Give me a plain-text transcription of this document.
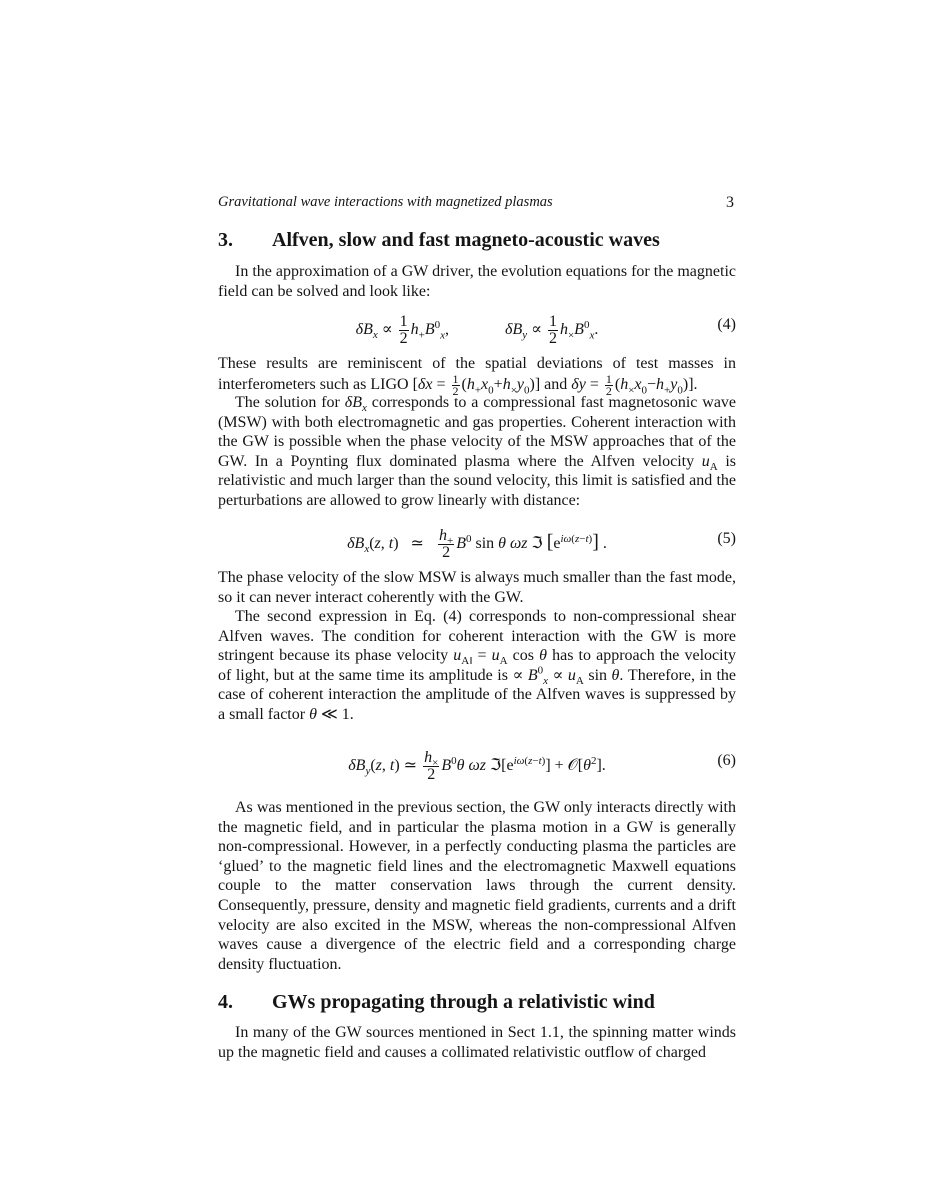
Gravitational wave interactions with magnetized plasmas	3
3. Alfven, slow and fast magneto-acoustic waves
In the approximation of a GW driver, the evolution equations for the magnetic field can be solved and look like:
$\delta B_x \propto \frac{1}{2} h_+B^0_x$,	$\delta B_y \propto \frac{1}{2} h_\times B^0_x$.	(4)
These results are reminiscent of the spatial deviations of test masses in interferometers such as LIGO $[\delta x = \frac{1}{2} (h_+x_0+h_\times y_0)]$ and $\delta y = \frac{1}{2} (h_\times x_0-h_+y_0)$].
The solution for $\delta B_x$ corresponds to a compressional fast magnetosonic wave (MSW) with both electromagnetic and gas properties. Coherent interaction with the GW is possible when the phase velocity of the MSW approaches that of the GW. In a Poynting flux dominated plasma where the Alfven velocity $u_A$ is relativistic and much larger than the sound velocity, this limit is satisfied and the perturbations are allowed to grow linearly with distance:
$\delta B_x(z$, t)   ≃ $\frac{h_+}{2} B^0$ sin θ ωz ℑ $[e^{i\omega(z-t)}]$ .	(5)
The phase velocity of the slow MSW is always much smaller than the fast mode, so it can never interact coherently with the GW.
The second expression in Eq. (4) corresponds to non-compressional shear Alfven waves. The condition for coherent interaction with the GW is more stringent because its phase velocity $u_{A‖} = u_A$ cos θ has to approach the velocity of light, but at the same time its amplitude is ∝ $B^0_x \propto u_A$ sin θ. Therefore, in the case of coherent interaction the amplitude of the Alfven waves is suppressed by a small factor θ ≪ 1.
$\delta B_y(z$, t) ≃ $\frac{h_\times}{2} B^0\theta$ ωz $ℑ[e^{i\omega(z-t)}]$ + $𝒪[\theta^2]$.	(6)
As was mentioned in the previous section, the GW only interacts directly with the magnetic field, and in particular the plasma motion in a GW is generally non-compressional. However, in a perfectly conducting plasma the particles are ‘glued’ to the magnetic field lines and the electromagnetic Maxwell equations couple to the matter conservation laws through the current density. Consequently, pressure, density and magnetic field gradients, currents and a drift velocity are also excited in the MSW, whereas the non-compressional Alfven waves cause a divergence of the electric field and a corresponding charge density fluctuation.
4. GWs propagating through a relativistic wind
In many of the GW sources mentioned in Sect 1.1, the spinning matter winds up the magnetic field and causes a collimated relativistic outflow of charged
